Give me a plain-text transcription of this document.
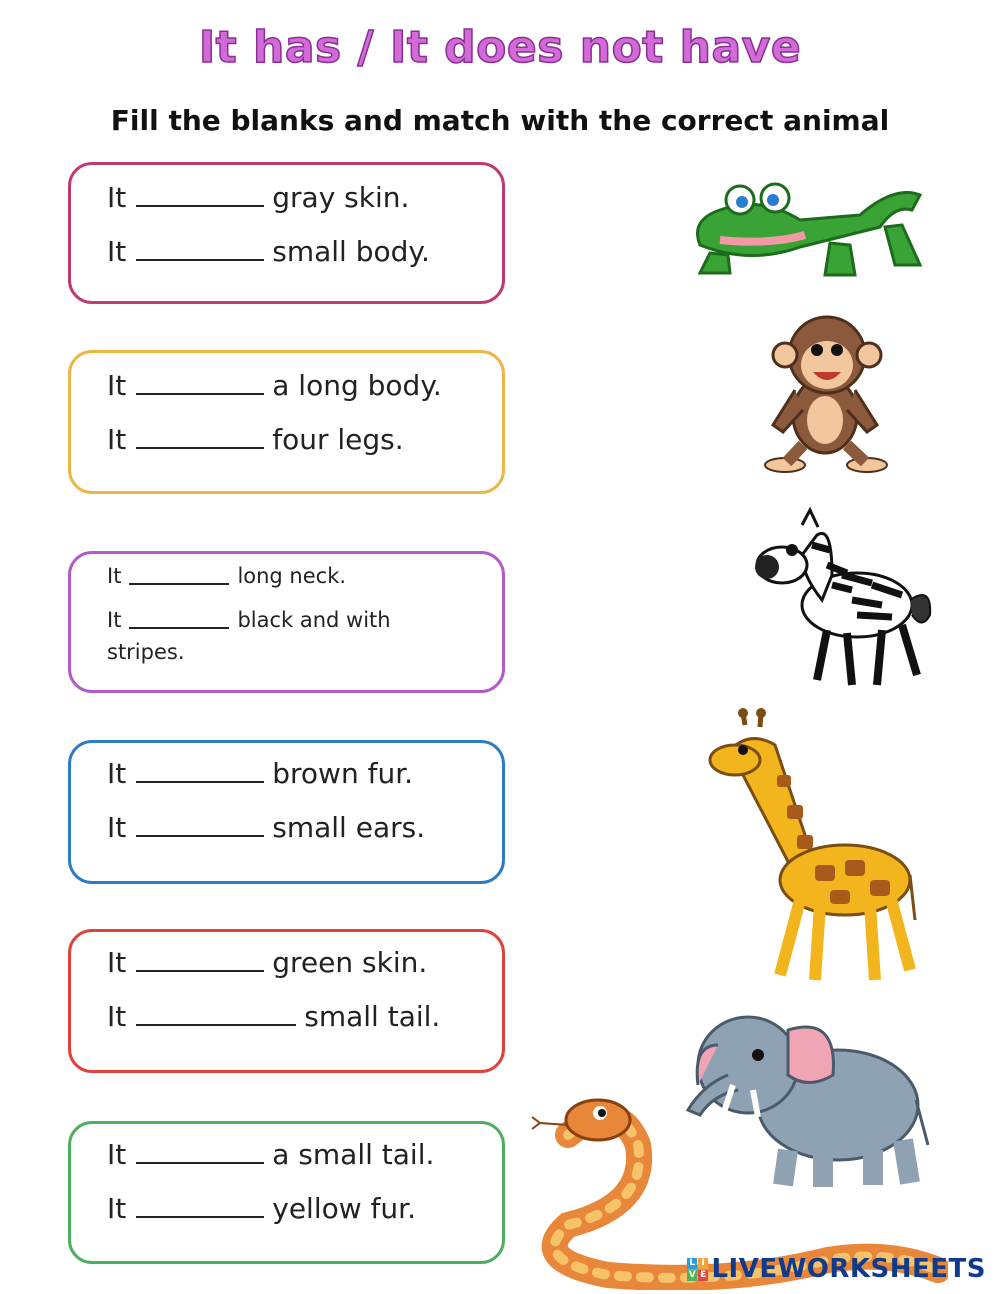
It has / It does not have
Fill the blanks and match with the correct animal
It	gray skin.
It	small body.
It	a long body.
It	four legs.
It	long neck.
It	black and with
stripes.
It	brown fur.
It	small ears.
It	green skin.
It	small tail.
It	a small tail.
It	yellow fur.
L I
V E LIVEWORKSHEETS
